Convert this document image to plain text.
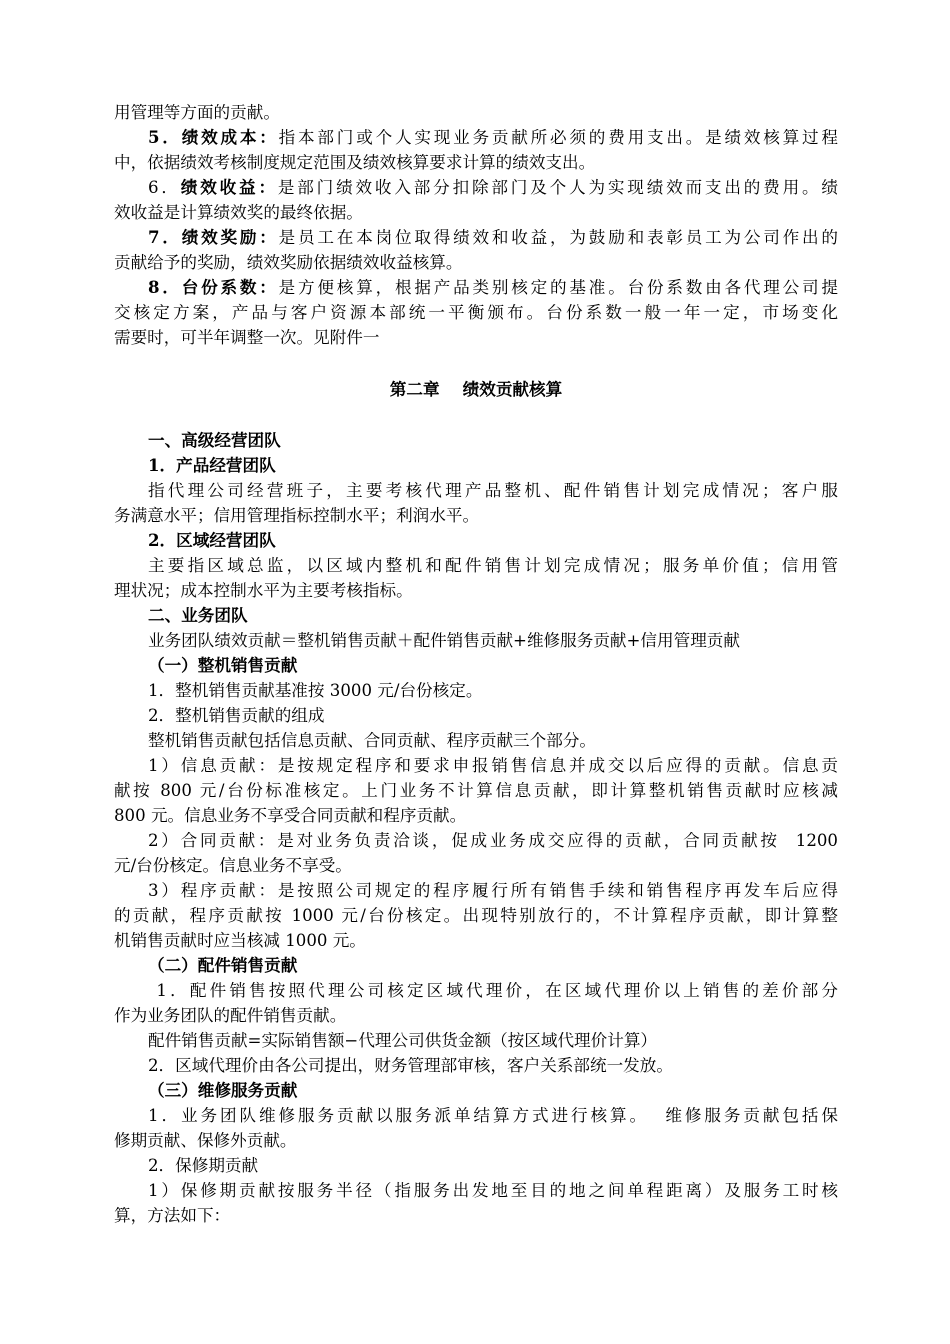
用管理等方面的贡献。
5．绩效成本：指本部门或个人实现业务贡献所必须的费用支出。是绩效核算过程
中，依据绩效考核制度规定范围及绩效核算要求计算的绩效支出。
6．绩效收益：是部门绩效收入部分扣除部门及个人为实现绩效而支出的费用。绩
效收益是计算绩效奖的最终依据。
7．绩效奖励：是员工在本岗位取得绩效和收益，为鼓励和表彰员工为公司作出的
贡献给予的奖励，绩效奖励依据绩效收益核算。
8．台份系数：是方便核算，根据产品类别核定的基准。台份系数由各代理公司提
交核定方案，产品与客户资源本部统一平衡颁布。台份系数一般一年一定，市场变化
需要时，可半年调整一次。见附件一
第二章    绩效贡献核算
一、高级经营团队
1．产品经营团队
指代理公司经营班子，主要考核代理产品整机、配件销售计划完成情况；客户服
务满意水平；信用管理指标控制水平；利润水平。
2．区域经营团队
主要指区域总监，以区域内整机和配件销售计划完成情况；服务单价值；信用管
理状况；成本控制水平为主要考核指标。
二、业务团队
业务团队绩效贡献＝整机销售贡献＋配件销售贡献+维修服务贡献+信用管理贡献
（一）整机销售贡献
1．整机销售贡献基准按 3000 元/台份核定。
2．整机销售贡献的组成
整机销售贡献包括信息贡献、合同贡献、程序贡献三个部分。
1）信息贡献：是按规定程序和要求申报销售信息并成交以后应得的贡献。信息贡
献按 800 元/台份标准核定。上门业务不计算信息贡献，即计算整机销售贡献时应核减
800 元。信息业务不享受合同贡献和程序贡献。
2）合同贡献：是对业务负责洽谈，促成业务成交应得的贡献，合同贡献按  1200
元/台份核定。信息业务不享受。
3）程序贡献：是按照公司规定的程序履行所有销售手续和销售程序再发车后应得
的贡献，程序贡献按 1000 元/台份核定。出现特别放行的，不计算程序贡献，即计算整
机销售贡献时应当核减 1000 元。
（二）配件销售贡献
1．配件销售按照代理公司核定区域代理价，在区域代理价以上销售的差价部分
作为业务团队的配件销售贡献。
配件销售贡献=实际销售额−代理公司供货金额（按区域代理价计算）
2．区域代理价由各公司提出，财务管理部审核，客户关系部统一发放。
（三）维修服务贡献
1．业务团队维修服务贡献以服务派单结算方式进行核算。  维修服务贡献包括保
修期贡献、保修外贡献。
2．保修期贡献
1）保修期贡献按服务半径（指服务出发地至目的地之间单程距离）及服务工时核
算，方法如下：
